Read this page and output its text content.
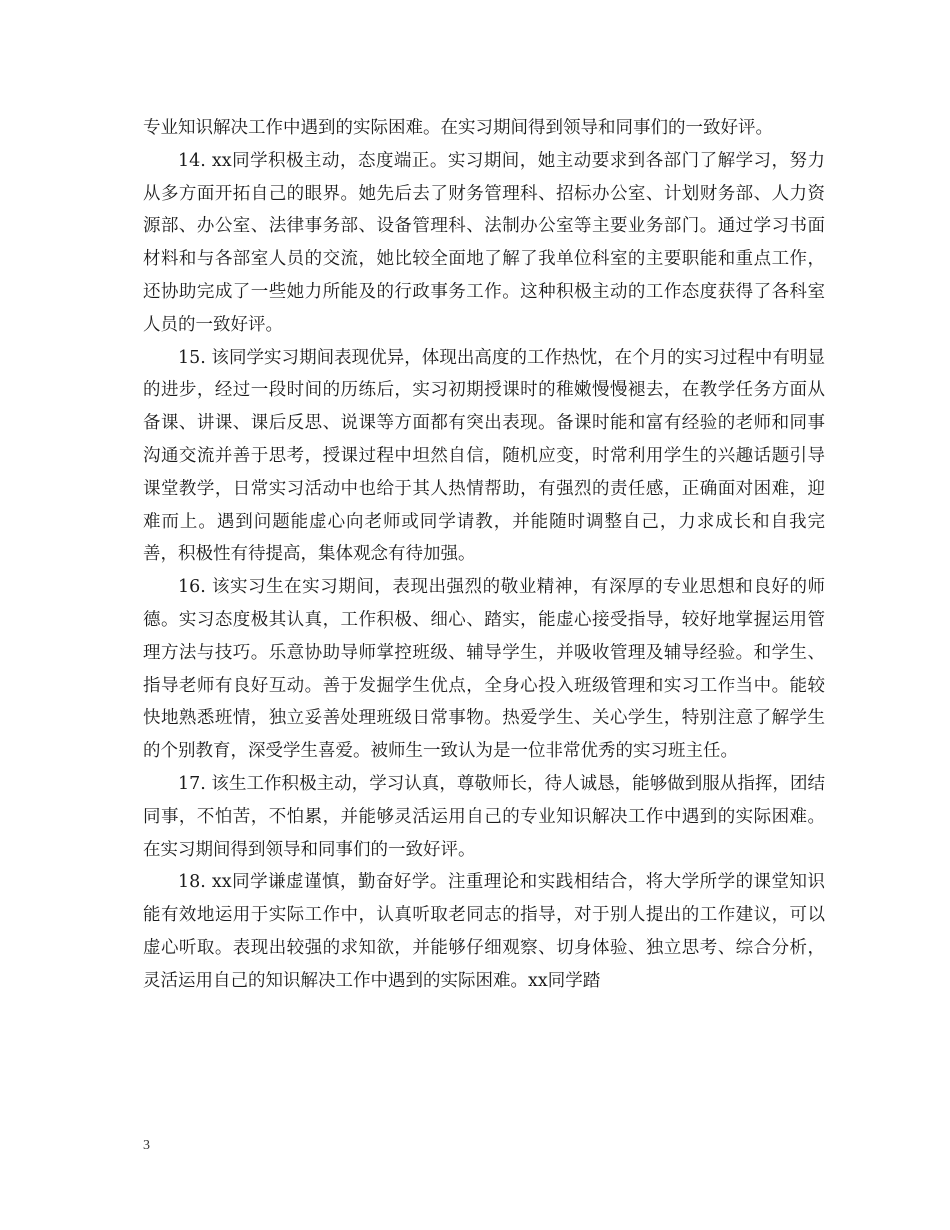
专业知识解决工作中遇到的实际困难。在实习期间得到领导和同事们的一致好评。

14. xx同学积极主动，态度端正。实习期间，她主动要求到各部门了解学习，努力从多方面开拓自己的眼界。她先后去了财务管理科、招标办公室、计划财务部、人力资源部、办公室、法律事务部、设备管理科、法制办公室等主要业务部门。通过学习书面材料和与各部室人员的交流，她比较全面地了解了我单位科室的主要职能和重点工作，还协助完成了一些她力所能及的行政事务工作。这种积极主动的工作态度获得了各科室人员的一致好评。

15. 该同学实习期间表现优异，体现出高度的工作热忱，在个月的实习过程中有明显的进步，经过一段时间的历练后，实习初期授课时的稚嫩慢慢褪去，在教学任务方面从备课、讲课、课后反思、说课等方面都有突出表现。备课时能和富有经验的老师和同事沟通交流并善于思考，授课过程中坦然自信，随机应变，时常利用学生的兴趣话题引导课堂教学，日常实习活动中也给于其人热情帮助，有强烈的责任感，正确面对困难，迎难而上。遇到问题能虚心向老师或同学请教，并能随时调整自己，力求成长和自我完善，积极性有待提高，集体观念有待加强。

16. 该实习生在实习期间，表现出强烈的敬业精神，有深厚的专业思想和良好的师德。实习态度极其认真，工作积极、细心、踏实，能虚心接受指导，较好地掌握运用管理方法与技巧。乐意协助导师掌控班级、辅导学生，并吸收管理及辅导经验。和学生、指导老师有良好互动。善于发掘学生优点，全身心投入班级管理和实习工作当中。能较快地熟悉班情，独立妥善处理班级日常事物。热爱学生、关心学生，特别注意了解学生的个别教育，深受学生喜爱。被师生一致认为是一位非常优秀的实习班主任。

17. 该生工作积极主动，学习认真，尊敬师长，待人诚恳，能够做到服从指挥，团结同事，不怕苦，不怕累，并能够灵活运用自己的专业知识解决工作中遇到的实际困难。在实习期间得到领导和同事们的一致好评。

18. xx同学谦虚谨慎，勤奋好学。注重理论和实践相结合，将大学所学的课堂知识能有效地运用于实际工作中，认真听取老同志的指导，对于别人提出的工作建议，可以虚心听取。表现出较强的求知欲，并能够仔细观察、切身体验、独立思考、综合分析，灵活运用自己的知识解决工作中遇到的实际困难。xx同学踏

3
